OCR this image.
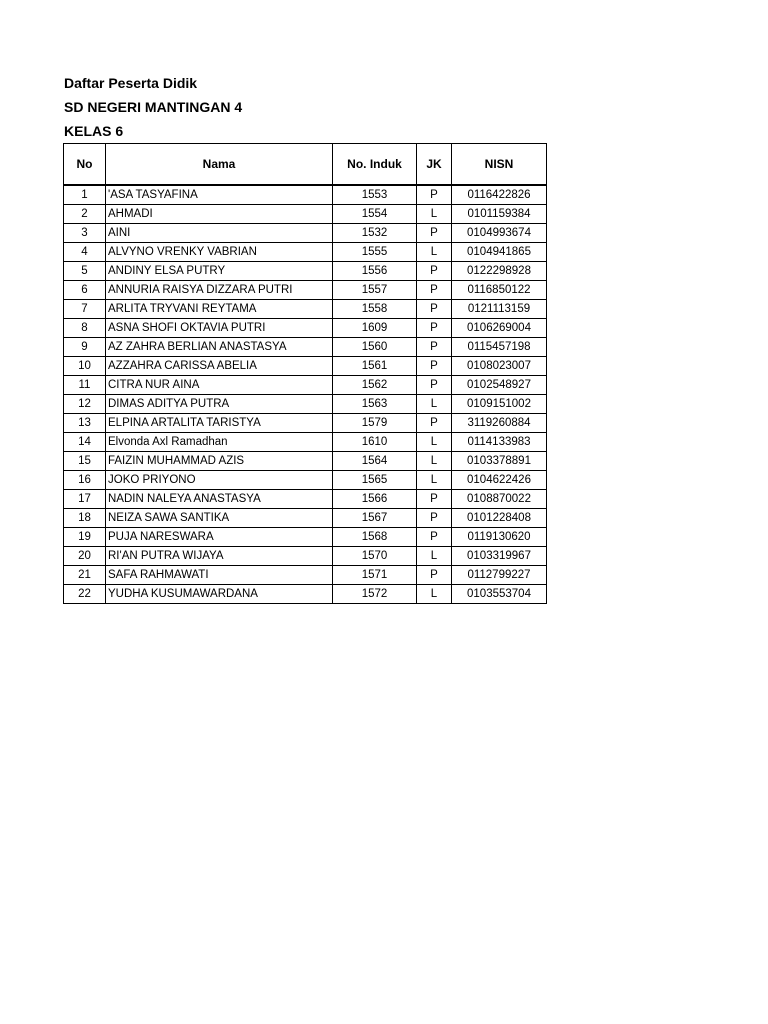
Daftar Peserta Didik
SD NEGERI MANTINGAN 4
KELAS 6
No	Nama	No. Induk	JK	NISN
1	'ASA TASYAFINA	1553	P	0116422826
2	AHMADI	1554	L	0101159384
3	AINI	1532	P	0104993674
4	ALVYNO VRENKY VABRIAN	1555	L	0104941865
5	ANDINY ELSA PUTRY	1556	P	0122298928
6	ANNURIA RAISYA DIZZARA PUTRI	1557	P	0116850122
7	ARLITA TRYVANI REYTAMA	1558	P	0121113159
8	ASNA SHOFI OKTAVIA PUTRI	1609	P	0106269004
9	AZ ZAHRA BERLIAN ANASTASYA	1560	P	0115457198
10	AZZAHRA CARISSA ABELIA	1561	P	0108023007
11	CITRA NUR AINA	1562	P	0102548927
12	DIMAS ADITYA PUTRA	1563	L	0109151002
13	ELPINA ARTALITA TARISTYA	1579	P	3119260884
14	Elvonda Axl Ramadhan	1610	L	0114133983
15	FAIZIN MUHAMMAD AZIS	1564	L	0103378891
16	JOKO PRIYONO	1565	L	0104622426
17	NADIN NALEYA ANASTASYA	1566	P	0108870022
18	NEIZA SAWA SANTIKA	1567	P	0101228408
19	PUJA NARESWARA	1568	P	0119130620
20	RI'AN PUTRA WIJAYA	1570	L	0103319967
21	SAFA RAHMAWATI	1571	P	0112799227
22	YUDHA KUSUMAWARDANA	1572	L	0103553704
